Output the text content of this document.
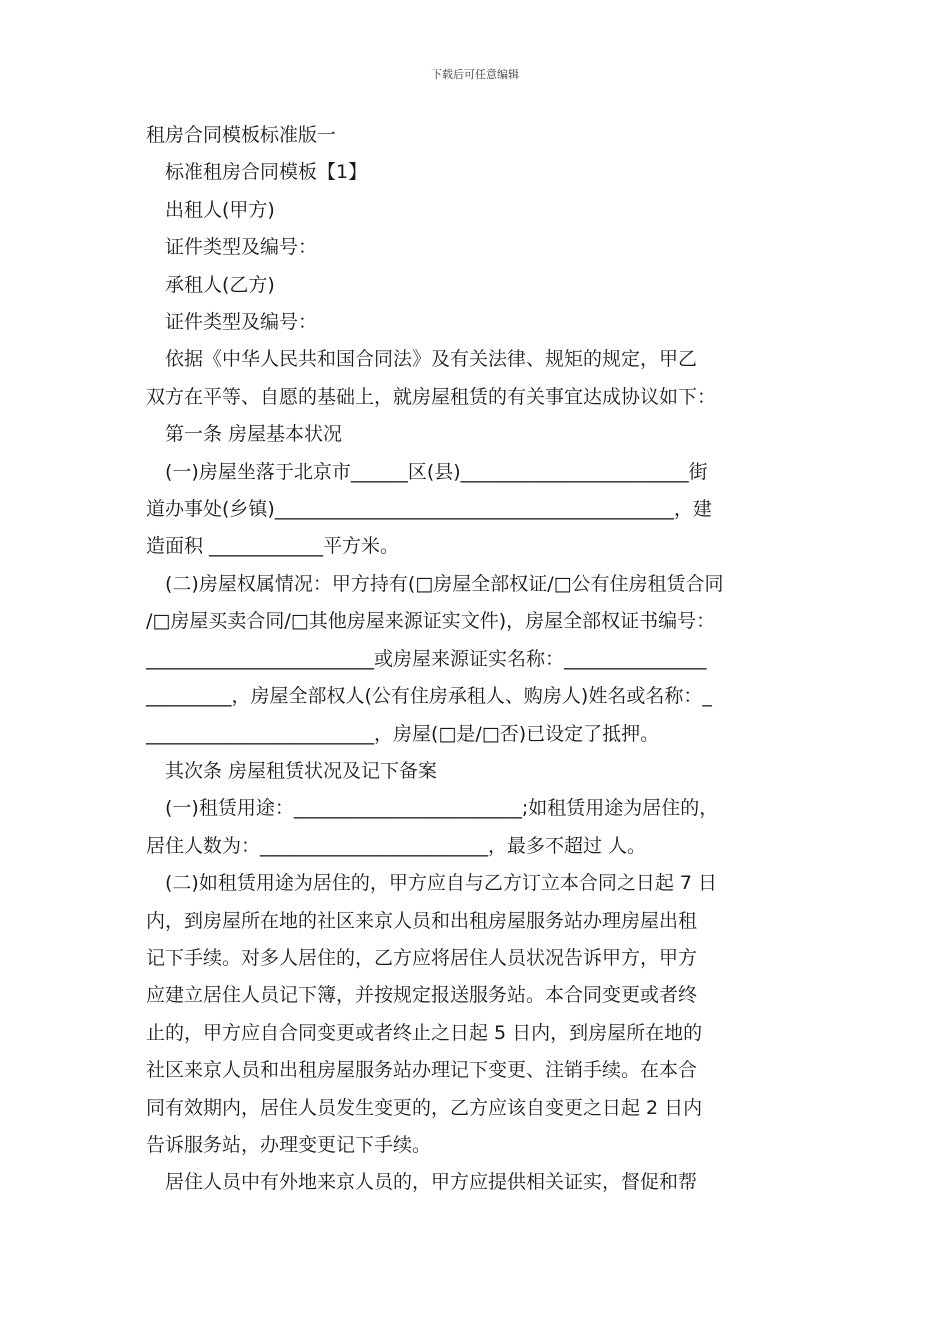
下载后可任意编辑

租房合同模板标准版一

标准租房合同模板【1】

出租人(甲方)

证件类型及编号：

承租人(乙方)

证件类型及编号：

依据《中华人民共和国合同法》及有关法律、规矩的规定，甲乙

双方在平等、自愿的基础上，就房屋租赁的有关事宜达成协议如下：

第一条 房屋基本状况

(一)房屋坐落于北京市______区(县)________________________街

道办事处(乡镇)__________________________________________，建

造面积 ____________平方米。

(二)房屋权属情况：甲方持有(□房屋全部权证/□公有住房租赁合同

/□房屋买卖合同/□其他房屋来源证实文件)，房屋全部权证书编号：

________________________或房屋来源证实名称：_______________

_________，房屋全部权人(公有住房承租人、购房人)姓名或名称：_

________________________，房屋(□是/□否)已设定了抵押。

其次条 房屋租赁状况及记下备案

(一)租赁用途：________________________;如租赁用途为居住的，

居住人数为：________________________，最多不超过 人。

(二)如租赁用途为居住的，甲方应自与乙方订立本合同之日起 7 日

内，到房屋所在地的社区来京人员和出租房屋服务站办理房屋出租

记下手续。对多人居住的，乙方应将居住人员状况告诉甲方，甲方

应建立居住人员记下簿，并按规定报送服务站。本合同变更或者终

止的，甲方应自合同变更或者终止之日起 5 日内，到房屋所在地的

社区来京人员和出租房屋服务站办理记下变更、注销手续。在本合

同有效期内，居住人员发生变更的，乙方应该自变更之日起 2 日内

告诉服务站，办理变更记下手续。

居住人员中有外地来京人员的，甲方应提供相关证实，督促和帮
